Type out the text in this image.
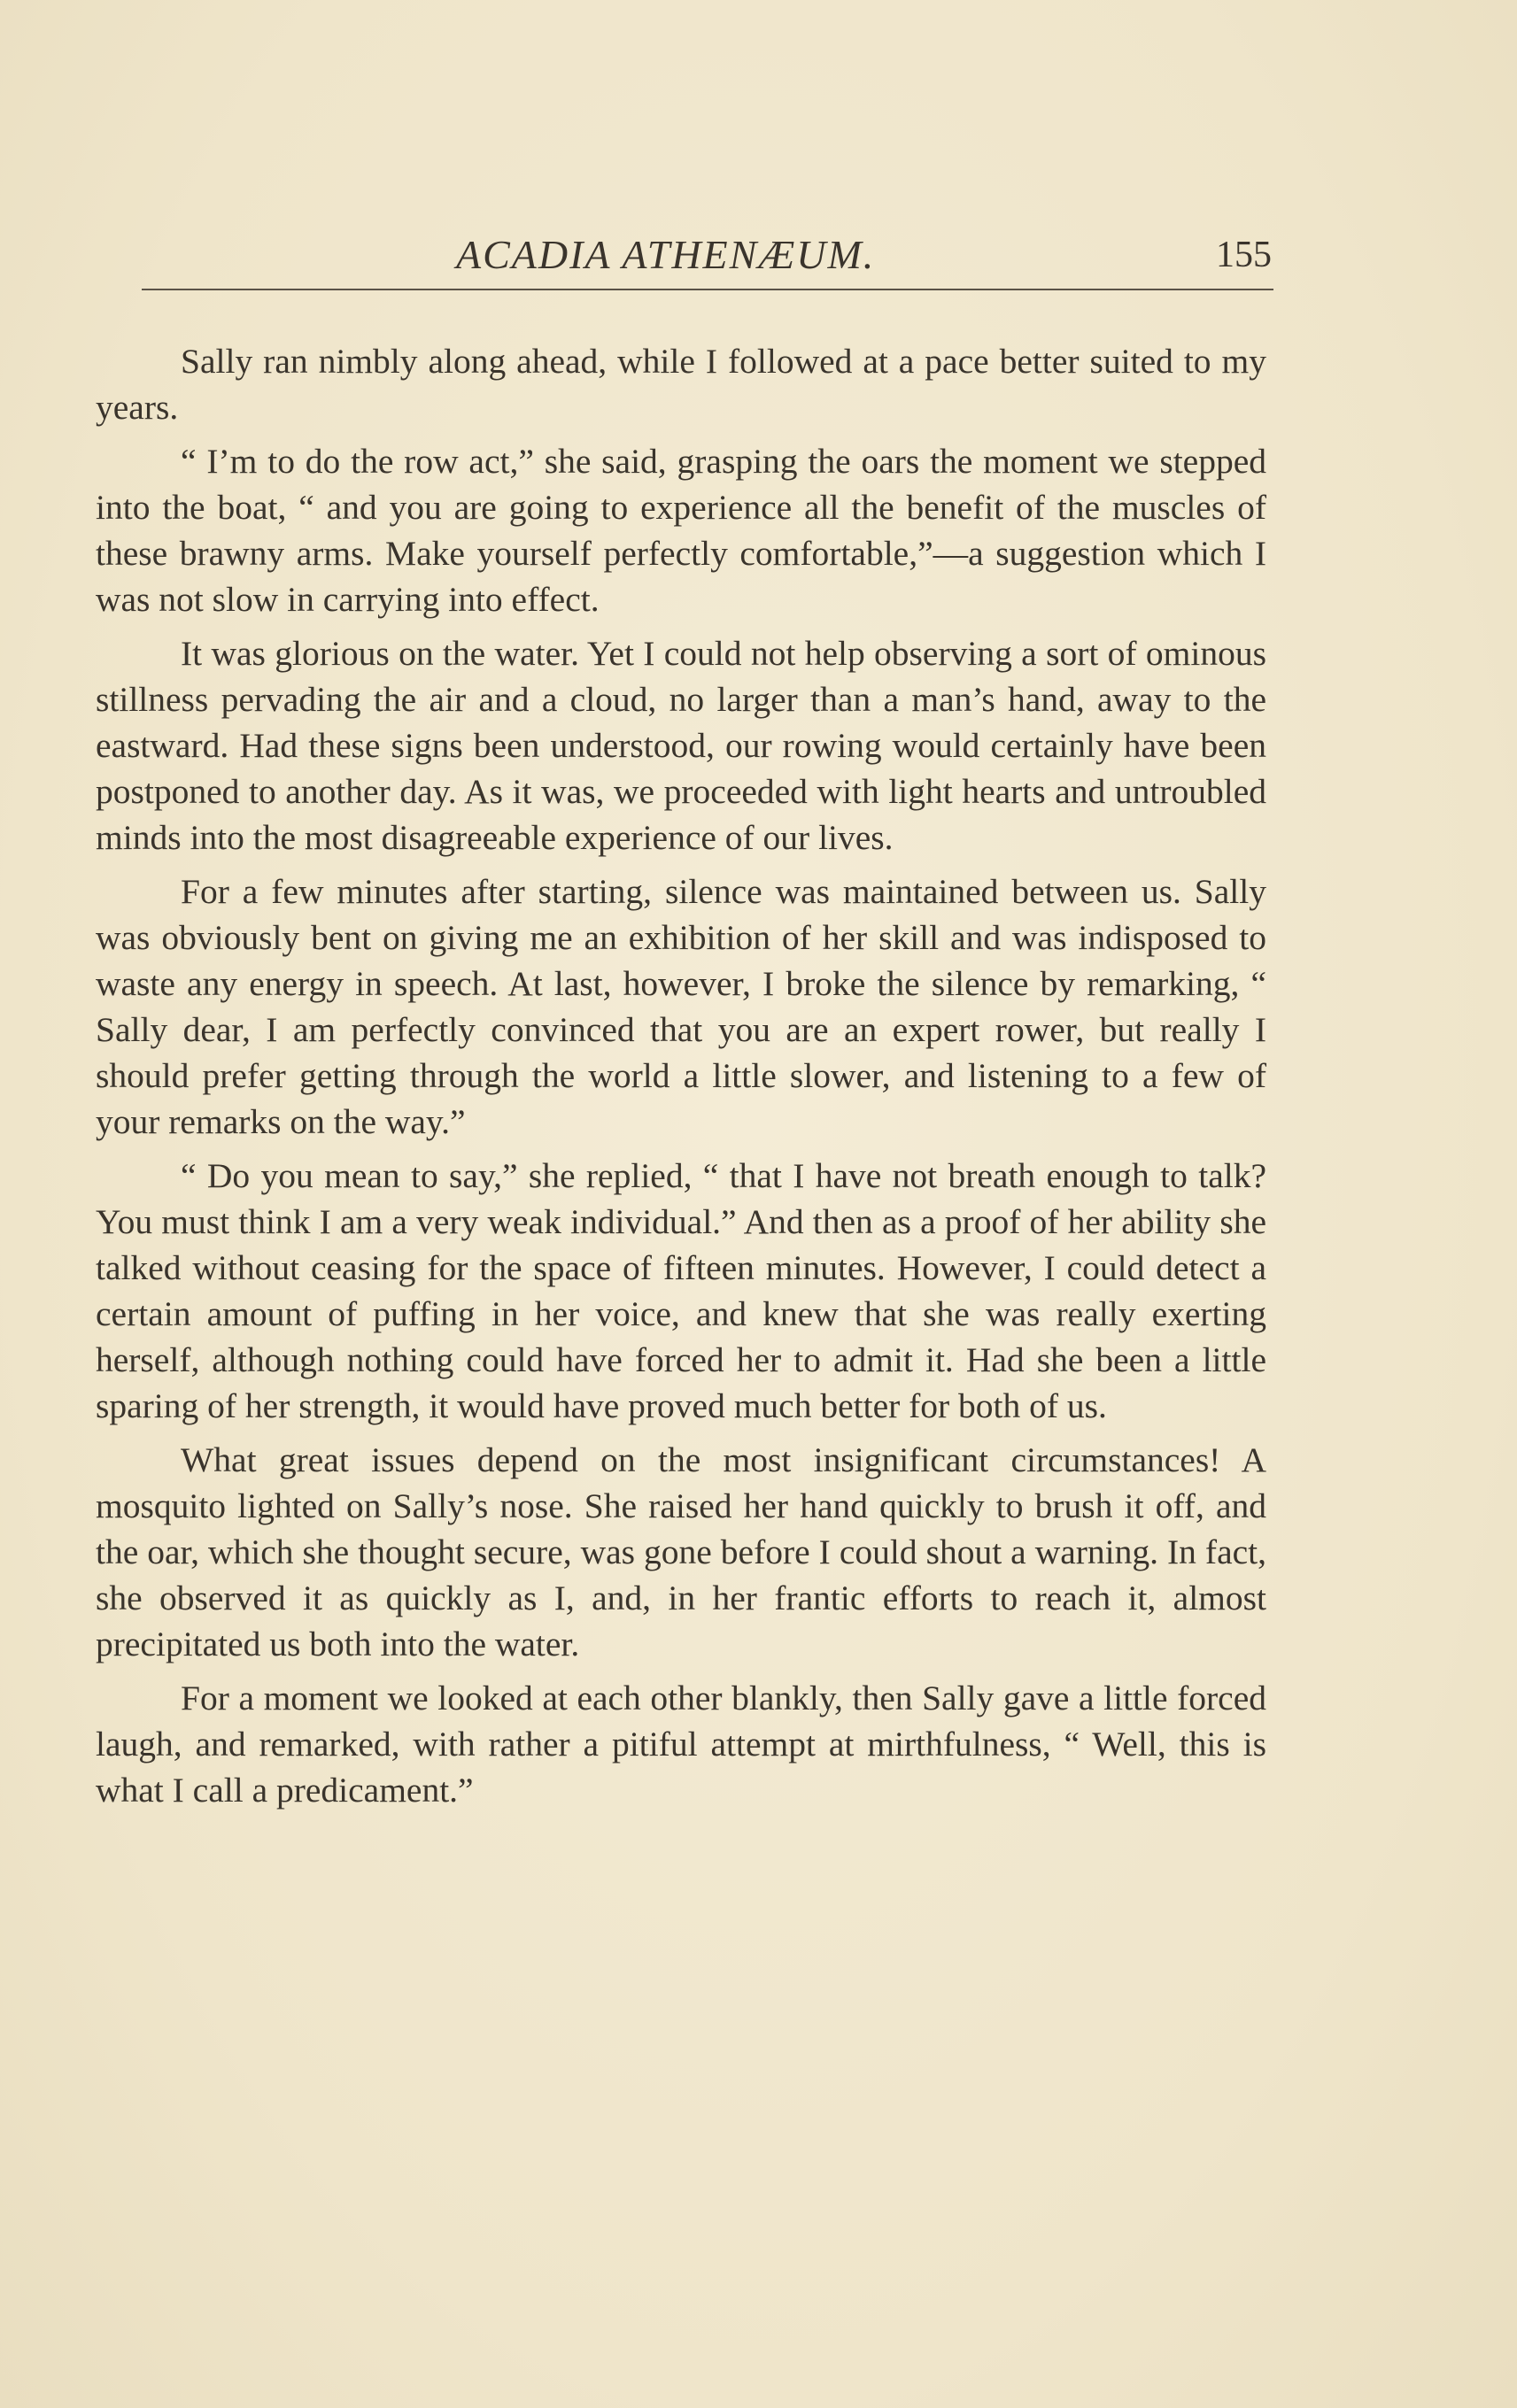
ACADIA ATHENÆUM.	155

Sally ran nimbly along ahead, while I followed at a pace better suited to my years.

“ I’m to do the row act,” she said, grasping the oars the moment we stepped into the boat, “ and you are going to experience all the benefit of the muscles of these brawny arms. Make yourself perfectly comfortable,”—a suggestion which I was not slow in carrying into effect.

It was glorious on the water. Yet I could not help observing a sort of ominous stillness pervading the air and a cloud, no larger than a man’s hand, away to the eastward. Had these signs been understood, our rowing would certainly have been postponed to another day. As it was, we proceeded with light hearts and untroubled minds into the most disagreeable experience of our lives.

For a few minutes after starting, silence was maintained between us. Sally was obviously bent on giving me an exhibition of her skill and was indisposed to waste any energy in speech. At last, however, I broke the silence by remarking, “ Sally dear, I am perfectly convinced that you are an expert rower, but really I should prefer getting through the world a little slower, and listening to a few of your remarks on the way.”

“ Do you mean to say,” she replied, “ that I have not breath enough to talk? You must think I am a very weak individual.” And then as a proof of her ability she talked without ceasing for the space of fifteen minutes. However, I could detect a certain amount of puffing in her voice, and knew that she was really exerting herself, although nothing could have forced her to admit it. Had she been a little sparing of her strength, it would have proved much better for both of us.

What great issues depend on the most insignificant circumstances! A mosquito lighted on Sally’s nose. She raised her hand quickly to brush it off, and the oar, which she thought secure, was gone before I could shout a warning. In fact, she observed it as quickly as I, and, in her frantic efforts to reach it, almost precipitated us both into the water.

For a moment we looked at each other blankly, then Sally gave a little forced laugh, and remarked, with rather a pitiful attempt at mirthfulness, “ Well, this is what I call a predicament.”
